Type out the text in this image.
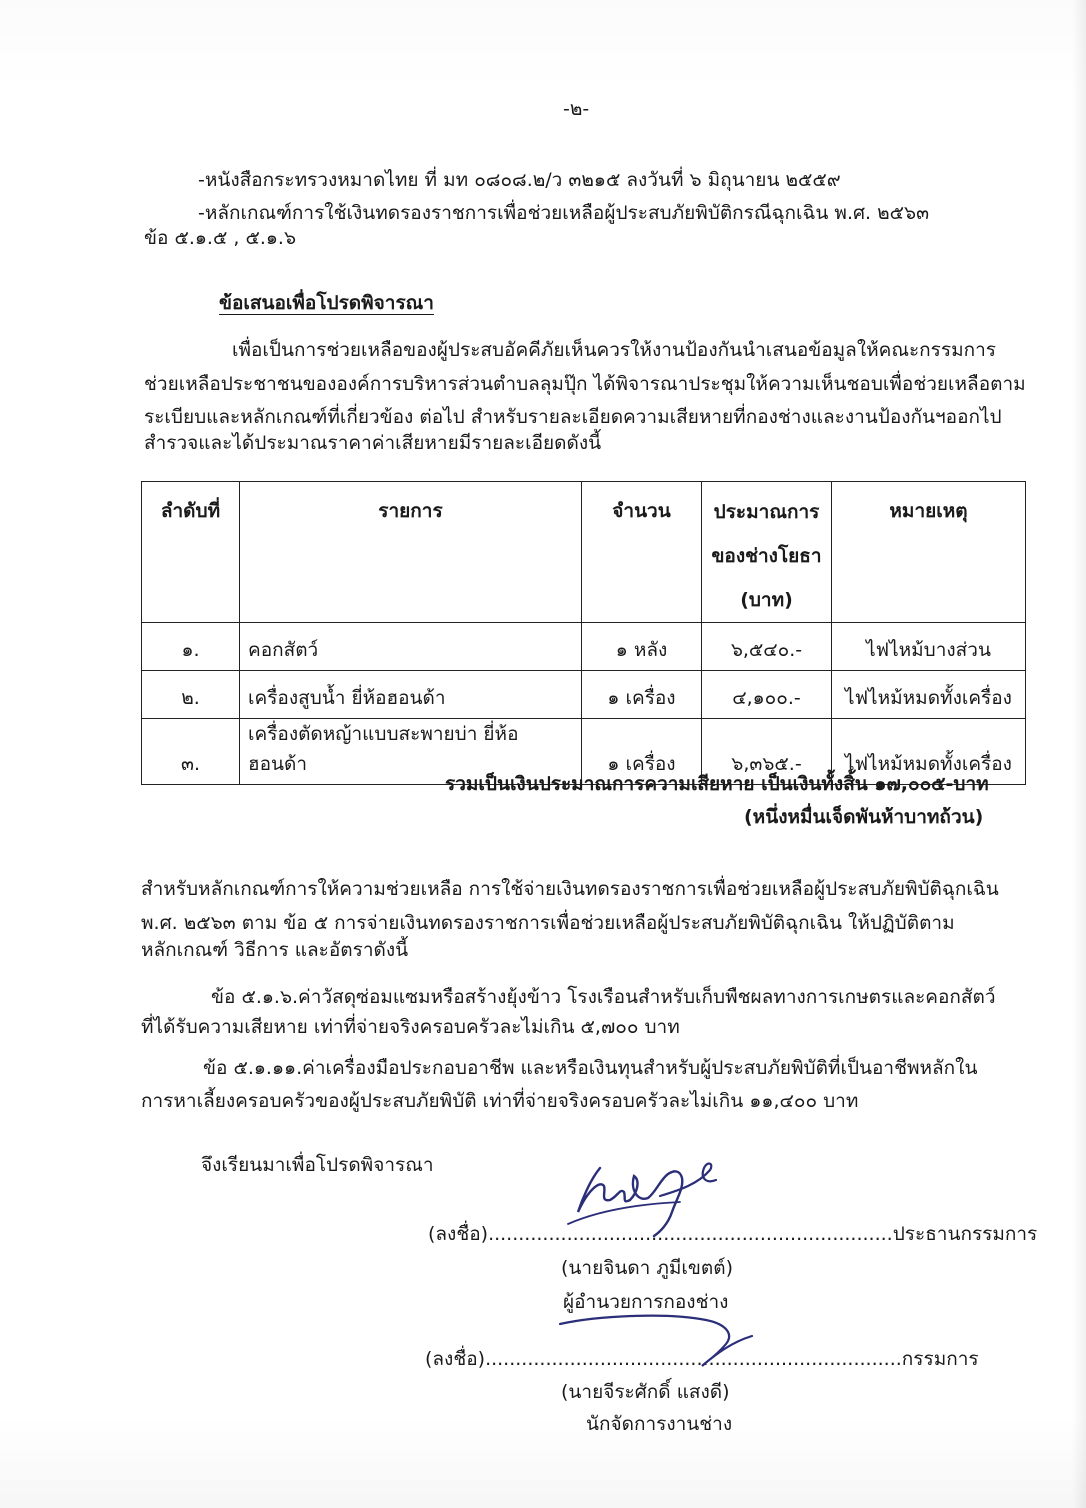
-๒-
-หนังสือกระทรวงหมาดไทย ที่ มท ๐๘๐๘.๒/ว ๓๒๑๕ ลงวันที่ ๖ มิถุนายน ๒๕๕๙
-หลักเกณฑ์การใช้เงินทดรองราชการเพื่อช่วยเหลือผู้ประสบภัยพิบัติกรณีฉุกเฉิน พ.ศ. ๒๕๖๓
ข้อ ๕.๑.๕ , ๕.๑.๖
ข้อเสนอเพื่อโปรดพิจารณา
เพื่อเป็นการช่วยเหลือของผู้ประสบอัคคีภัยเห็นควรให้งานป้องกันนำเสนอข้อมูลให้คณะกรรมการ
ช่วยเหลือประชาชนขององค์การบริหารส่วนตำบลลุมปุ๊ก ได้พิจารณาประชุมให้ความเห็นชอบเพื่อช่วยเหลือตาม
ระเบียบและหลักเกณฑ์ที่เกี่ยวข้อง ต่อไป สำหรับรายละเอียดความเสียหายที่กองช่างและงานป้องกันฯออกไป
สำรวจและได้ประมาณราคาค่าเสียหายมีรายละเอียดดังนี้
ลำดับที่	รายการ	จำนวน	ประมาณการ
ของช่างโยธา
(บาท)	หมายเหตุ
๑.	คอกสัตว์	๑ หลัง	๖,๕๔๐.-	ไฟไหม้บางส่วน
๒.	เครื่องสูบน้ำ ยี่ห้อฮอนด้า	๑ เครื่อง	๔,๑๐๐.-	ไฟไหม้หมดทั้งเครื่อง
๓.	เครื่องตัดหญ้าแบบสะพายบ่า ยี่ห้อฮอนด้า	๑ เครื่อง	๖,๓๖๕.-	ไฟไหม้หมดทั้งเครื่อง
รวมเป็นเงินประมาณการความเสียหาย เป็นเงินทั้งสิ้น ๑๗,๐๐๕-บาท
(หนึ่งหมื่นเจ็ดพันห้าบาทถ้วน)
สำหรับหลักเกณฑ์การให้ความช่วยเหลือ การใช้จ่ายเงินทดรองราชการเพื่อช่วยเหลือผู้ประสบภัยพิบัติฉุกเฉิน
พ.ศ. ๒๕๖๓ ตาม ข้อ ๕ การจ่ายเงินทดรองราชการเพื่อช่วยเหลือผู้ประสบภัยพิบัติฉุกเฉิน ให้ปฏิบัติตาม
หลักเกณฑ์ วิธีการ และอัตราดังนี้
ข้อ ๕.๑.๖.ค่าวัสดุซ่อมแซมหรือสร้างยุ้งข้าว โรงเรือนสำหรับเก็บพืชผลทางการเกษตรและคอกสัตว์
ที่ได้รับความเสียหาย เท่าที่จ่ายจริงครอบครัวละไม่เกิน ๕,๗๐๐ บาท
ข้อ ๕.๑.๑๑.ค่าเครื่องมือประกอบอาชีพ และหรือเงินทุนสำหรับผู้ประสบภัยพิบัติที่เป็นอาชีพหลักใน
การหาเลี้ยงครอบครัวของผู้ประสบภัยพิบัติ เท่าที่จ่ายจริงครอบครัวละไม่เกิน ๑๑,๔๐๐ บาท
จึงเรียนมาเพื่อโปรดพิจารณา
(ลงชื่อ)...................................................................ประธานกรรมการ
(นายจินดา ภูมีเขตต์)
ผู้อำนวยการกองช่าง
(ลงชื่อ).....................................................................กรรมการ
(นายจีระศักดิ์ แสงดี)
นักจัดการงานช่าง
